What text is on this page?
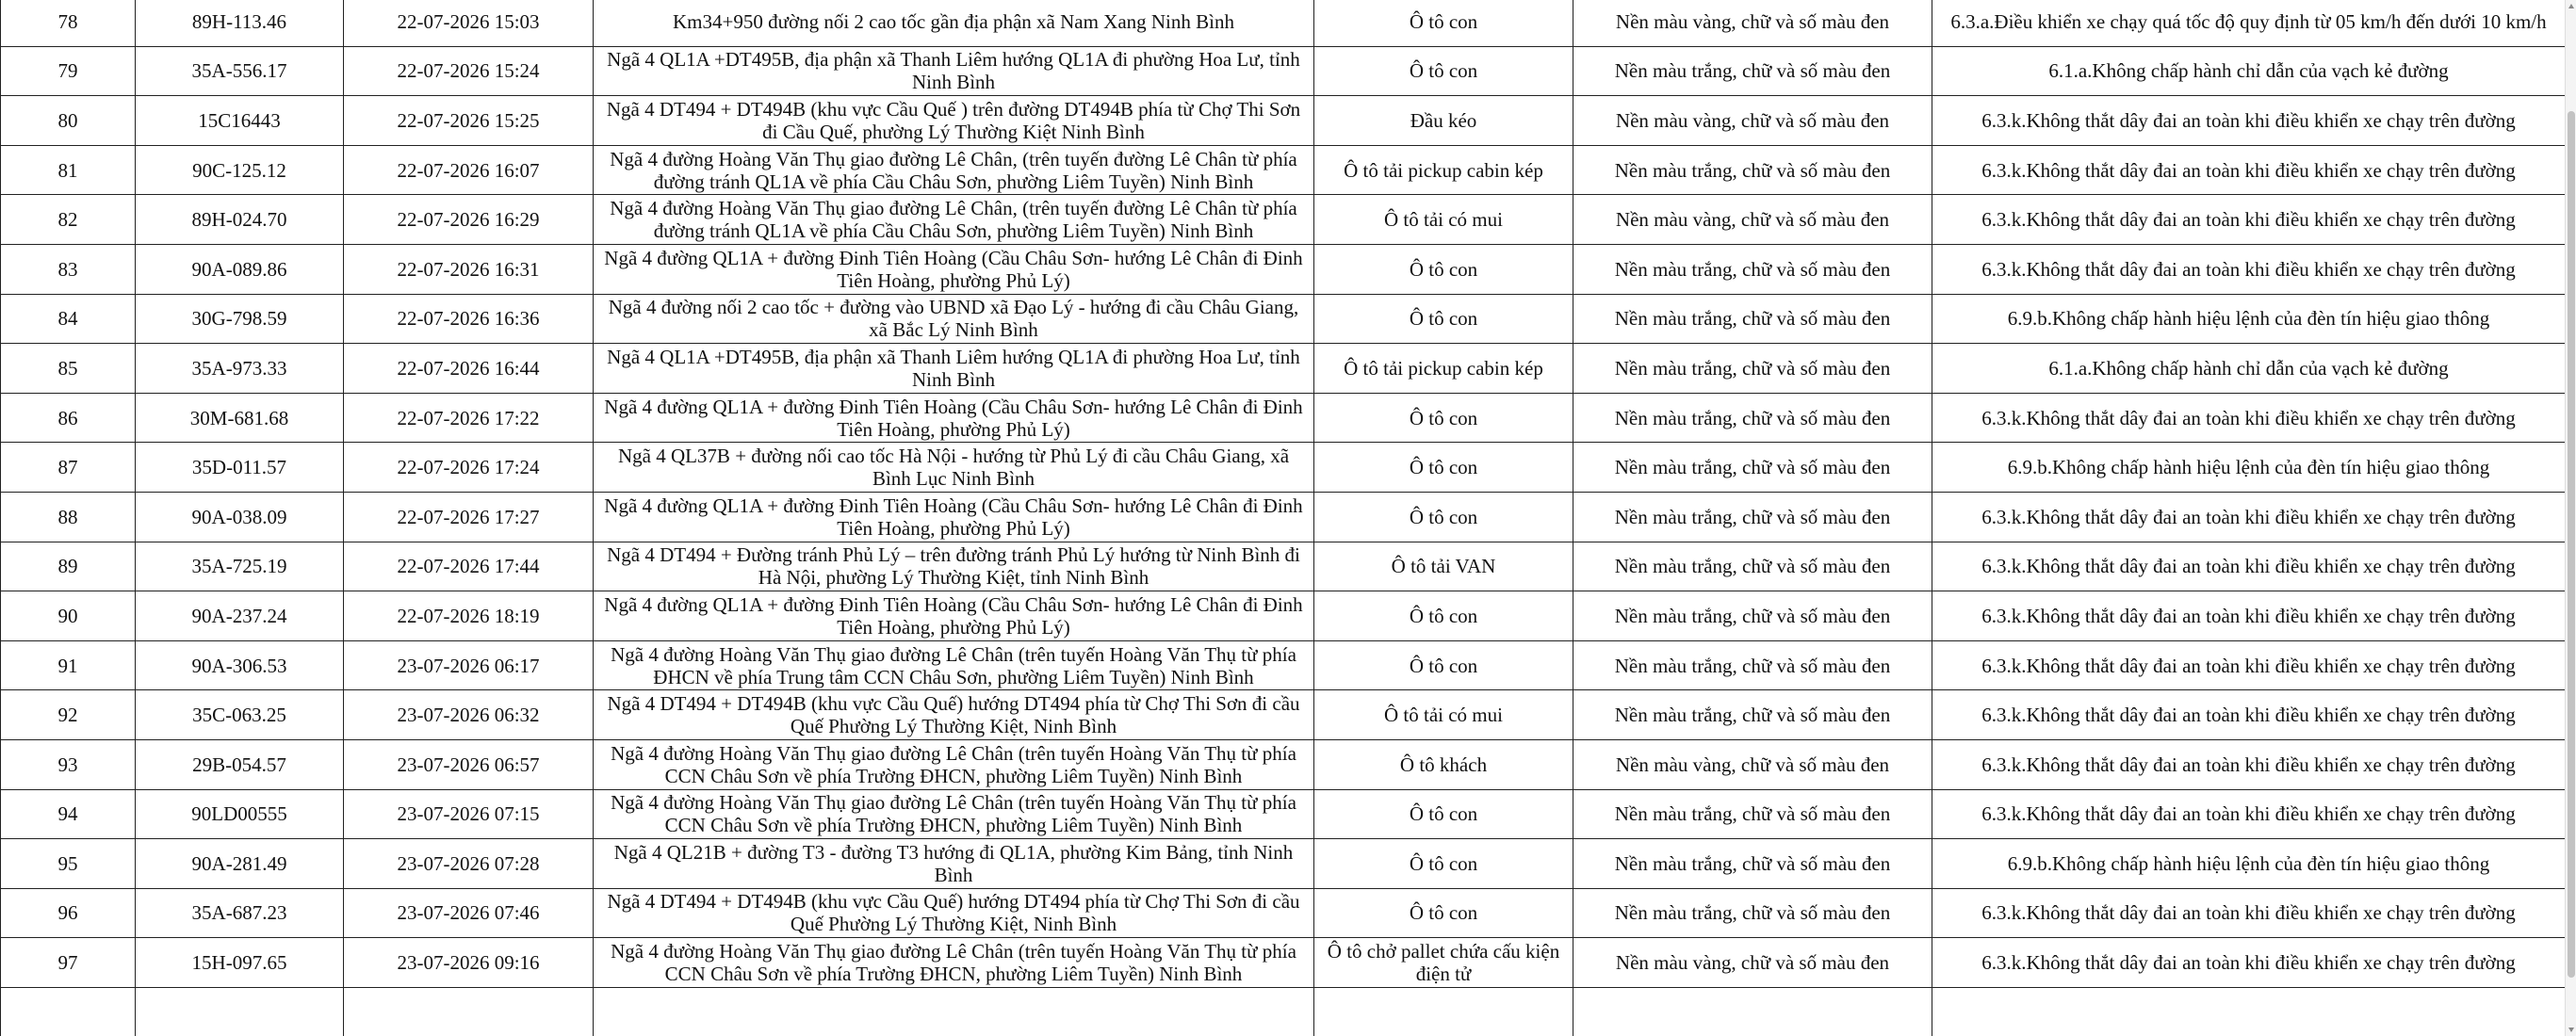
78	89H-113.46	22-07-2026 15:03	Km34+950 đường nối 2 cao tốc gần địa phận xã Nam Xang Ninh Bình	Ô tô con	Nền màu vàng, chữ và số màu đen	6.3.a.Điều khiển xe chạy quá tốc độ quy định từ 05 km/h đến dưới 10 km/h
79	35A-556.17	22-07-2026 15:24	Ngã 4 QL1A +DT495B, địa phận xã Thanh Liêm hướng QL1A đi phường Hoa Lư, tỉnh Ninh Bình	Ô tô con	Nền màu trắng, chữ và số màu đen	6.1.a.Không chấp hành chỉ dẫn của vạch kẻ đường
80	15C16443	22-07-2026 15:25	Ngã 4 DT494 + DT494B (khu vực Cầu Quế ) trên đường DT494B phía từ Chợ Thi Sơn đi Cầu Quế, phường Lý Thường Kiệt Ninh Bình	Đầu kéo	Nền màu vàng, chữ và số màu đen	6.3.k.Không thắt dây đai an toàn khi điều khiển xe chạy trên đường
81	90C-125.12	22-07-2026 16:07	Ngã 4 đường Hoàng Văn Thụ giao đường Lê Chân, (trên tuyến đường Lê Chân từ phía đường tránh QL1A về phía Cầu Châu Sơn, phường Liêm Tuyền) Ninh Bình	Ô tô tải pickup cabin kép	Nền màu trắng, chữ và số màu đen	6.3.k.Không thắt dây đai an toàn khi điều khiển xe chạy trên đường
82	89H-024.70	22-07-2026 16:29	Ngã 4 đường Hoàng Văn Thụ giao đường Lê Chân, (trên tuyến đường Lê Chân từ phía đường tránh QL1A về phía Cầu Châu Sơn, phường Liêm Tuyền) Ninh Bình	Ô tô tải có mui	Nền màu vàng, chữ và số màu đen	6.3.k.Không thắt dây đai an toàn khi điều khiển xe chạy trên đường
83	90A-089.86	22-07-2026 16:31	Ngã 4 đường QL1A + đường Đinh Tiên Hoàng (Cầu Châu Sơn- hướng Lê Chân đi Đinh Tiên Hoàng, phường Phủ Lý)	Ô tô con	Nền màu trắng, chữ và số màu đen	6.3.k.Không thắt dây đai an toàn khi điều khiển xe chạy trên đường
84	30G-798.59	22-07-2026 16:36	Ngã 4 đường nối 2 cao tốc + đường vào UBND xã Đạo Lý - hướng đi cầu Châu Giang, xã Bắc Lý Ninh Bình	Ô tô con	Nền màu trắng, chữ và số màu đen	6.9.b.Không chấp hành hiệu lệnh của đèn tín hiệu giao thông
85	35A-973.33	22-07-2026 16:44	Ngã 4 QL1A +DT495B, địa phận xã Thanh Liêm hướng QL1A đi phường Hoa Lư, tỉnh Ninh Bình	Ô tô tải pickup cabin kép	Nền màu trắng, chữ và số màu đen	6.1.a.Không chấp hành chỉ dẫn của vạch kẻ đường
86	30M-681.68	22-07-2026 17:22	Ngã 4 đường QL1A + đường Đinh Tiên Hoàng (Cầu Châu Sơn- hướng Lê Chân đi Đinh Tiên Hoàng, phường Phủ Lý)	Ô tô con	Nền màu trắng, chữ và số màu đen	6.3.k.Không thắt dây đai an toàn khi điều khiển xe chạy trên đường
87	35D-011.57	22-07-2026 17:24	Ngã 4 QL37B + đường nối cao tốc Hà Nội - hướng từ Phủ Lý đi cầu Châu Giang, xã Bình Lục Ninh Bình	Ô tô con	Nền màu trắng, chữ và số màu đen	6.9.b.Không chấp hành hiệu lệnh của đèn tín hiệu giao thông
88	90A-038.09	22-07-2026 17:27	Ngã 4 đường QL1A + đường Đinh Tiên Hoàng (Cầu Châu Sơn- hướng Lê Chân đi Đinh Tiên Hoàng, phường Phủ Lý)	Ô tô con	Nền màu trắng, chữ và số màu đen	6.3.k.Không thắt dây đai an toàn khi điều khiển xe chạy trên đường
89	35A-725.19	22-07-2026 17:44	Ngã 4 DT494 + Đường tránh Phủ Lý – trên đường tránh Phủ Lý hướng từ Ninh Bình đi Hà Nội, phường Lý Thường Kiệt, tỉnh Ninh Bình	Ô tô tải VAN	Nền màu trắng, chữ và số màu đen	6.3.k.Không thắt dây đai an toàn khi điều khiển xe chạy trên đường
90	90A-237.24	22-07-2026 18:19	Ngã 4 đường QL1A + đường Đinh Tiên Hoàng (Cầu Châu Sơn- hướng Lê Chân đi Đinh Tiên Hoàng, phường Phủ Lý)	Ô tô con	Nền màu trắng, chữ và số màu đen	6.3.k.Không thắt dây đai an toàn khi điều khiển xe chạy trên đường
91	90A-306.53	23-07-2026 06:17	Ngã 4 đường Hoàng Văn Thụ giao đường Lê Chân (trên tuyến Hoàng Văn Thụ từ phía ĐHCN về phía Trung tâm CCN Châu Sơn, phường Liêm Tuyền) Ninh Bình	Ô tô con	Nền màu trắng, chữ và số màu đen	6.3.k.Không thắt dây đai an toàn khi điều khiển xe chạy trên đường
92	35C-063.25	23-07-2026 06:32	Ngã 4 DT494 + DT494B (khu vực Cầu Quế) hướng DT494 phía từ Chợ Thi Sơn đi cầu Quế Phường Lý Thường Kiệt, Ninh Bình	Ô tô tải có mui	Nền màu trắng, chữ và số màu đen	6.3.k.Không thắt dây đai an toàn khi điều khiển xe chạy trên đường
93	29B-054.57	23-07-2026 06:57	Ngã 4 đường Hoàng Văn Thụ giao đường Lê Chân (trên tuyến Hoàng Văn Thụ từ phía CCN Châu Sơn về phía Trường ĐHCN, phường Liêm Tuyền) Ninh Bình	Ô tô khách	Nền màu vàng, chữ và số màu đen	6.3.k.Không thắt dây đai an toàn khi điều khiển xe chạy trên đường
94	90LD00555	23-07-2026 07:15	Ngã 4 đường Hoàng Văn Thụ giao đường Lê Chân (trên tuyến Hoàng Văn Thụ từ phía CCN Châu Sơn về phía Trường ĐHCN, phường Liêm Tuyền) Ninh Bình	Ô tô con	Nền màu trắng, chữ và số màu đen	6.3.k.Không thắt dây đai an toàn khi điều khiển xe chạy trên đường
95	90A-281.49	23-07-2026 07:28	Ngã 4 QL21B + đường T3 - đường T3 hướng đi QL1A, phường Kim Bảng, tỉnh Ninh Bình	Ô tô con	Nền màu trắng, chữ và số màu đen	6.9.b.Không chấp hành hiệu lệnh của đèn tín hiệu giao thông
96	35A-687.23	23-07-2026 07:46	Ngã 4 DT494 + DT494B (khu vực Cầu Quế) hướng DT494 phía từ Chợ Thi Sơn đi cầu Quế Phường Lý Thường Kiệt, Ninh Bình	Ô tô con	Nền màu trắng, chữ và số màu đen	6.3.k.Không thắt dây đai an toàn khi điều khiển xe chạy trên đường
97	15H-097.65	23-07-2026 09:16	Ngã 4 đường Hoàng Văn Thụ giao đường Lê Chân (trên tuyến Hoàng Văn Thụ từ phía CCN Châu Sơn về phía Trường ĐHCN, phường Liêm Tuyền) Ninh Bình	Ô tô chở pallet chứa cấu kiện điện tử	Nền màu vàng, chữ và số màu đen	6.3.k.Không thắt dây đai an toàn khi điều khiển xe chạy trên đường
